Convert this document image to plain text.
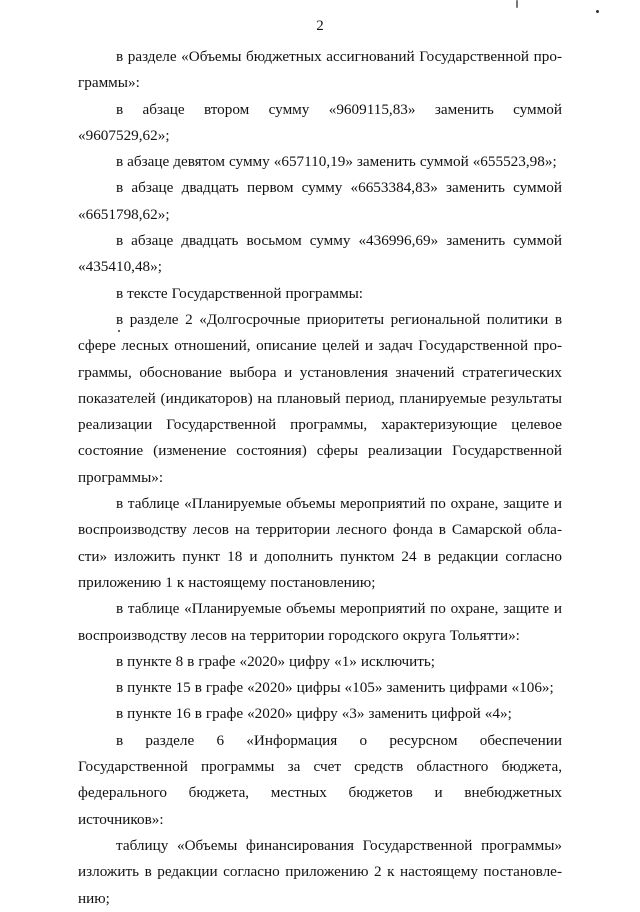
2

в разделе «Объемы бюджетных ассигнований Государственной программы»:

в абзаце втором сумму «9609115,83» заменить суммой «9607529,62»;

в абзаце девятом сумму «657110,19» заменить суммой «655523,98»;

в абзаце двадцать первом сумму «6653384,83» заменить суммой «6651798,62»;

в абзаце двадцать восьмом сумму «436996,69» заменить суммой «435410,48»;

в тексте Государственной программы:

в разделе 2 «Долгосрочные приоритеты региональной политики в сфере лесных отношений, описание целей и задач Государственной программы, обоснование выбора и установления значений стратегических показателей (индикаторов) на плановый период, планируемые результаты реализации Государственной программы, характеризующие целевое состояние (изменение состояния) сферы реализации Государственной программы»:

в таблице «Планируемые объемы мероприятий по охране, защите и воспроизводству лесов на территории лесного фонда в Самарской области» изложить пункт 18 и дополнить пунктом 24 в редакции согласно приложению 1 к настоящему постановлению;

в таблице «Планируемые объемы мероприятий по охране, защите и воспроизводству лесов на территории городского округа Тольятти»:

в пункте 8 в графе «2020» цифру «1» исключить;

в пункте 15 в графе «2020» цифры «105» заменить цифрами «106»;

в пункте 16 в графе «2020» цифру «3» заменить цифрой «4»;

в разделе 6 «Информация о ресурсном обеспечении Государственной программы за счет средств областного бюджета, федерального бюджета, местных бюджетов и внебюджетных источников»:

таблицу «Объемы финансирования Государственной программы» изложить в редакции согласно приложению 2 к настоящему постановлению;
